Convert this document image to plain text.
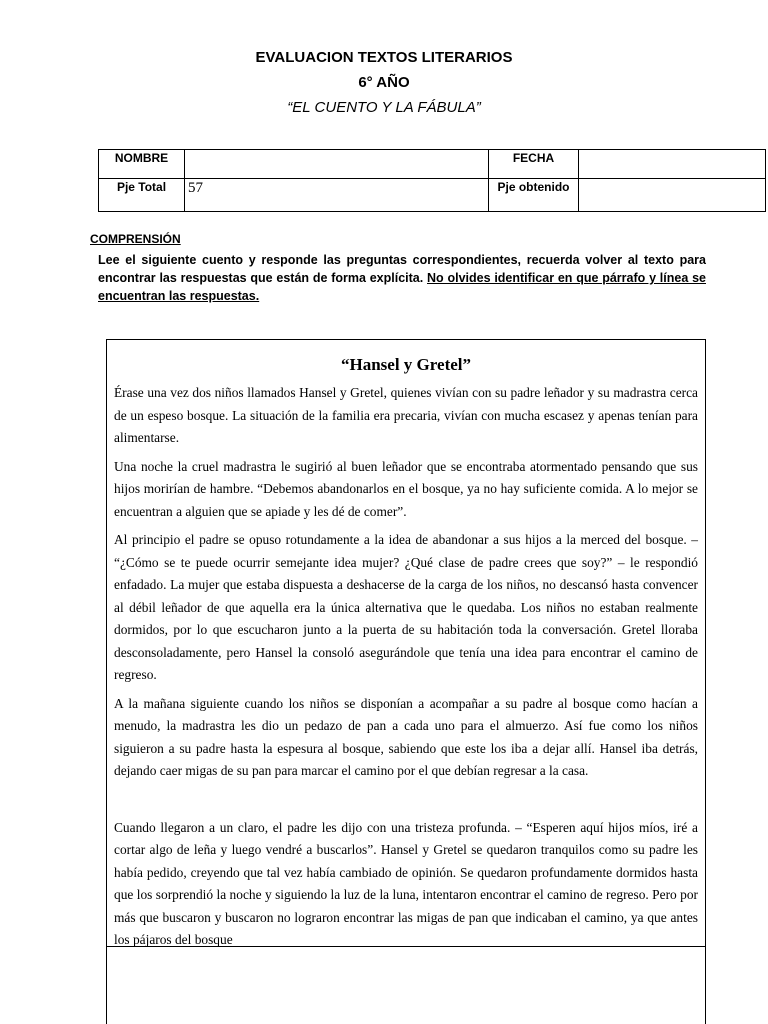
EVALUACION TEXTOS LITERARIOS
6° AÑO
“EL CUENTO Y LA FÁBULA”
NOMBRE		FECHA	
Pje Total	57	Pje obtenido	
COMPRENSIÓN
Lee el siguiente cuento y responde las preguntas correspondientes, recuerda volver al texto para encontrar las respuestas que están de forma explícita. No olvides identificar en que párrafo y línea se encuentran las respuestas.
“Hansel y Gretel”

Érase una vez dos niños llamados Hansel y Gretel, quienes vivían con su padre leñador y su madrastra cerca de un espeso bosque. La situación de la familia era precaria, vivían con mucha escasez y apenas tenían para alimentarse.

Una noche la cruel madrastra le sugirió al buen leñador que se encontraba atormentado pensando que sus hijos morirían de hambre. “Debemos abandonarlos en el bosque, ya no hay suficiente comida. A lo mejor se encuentran a alguien que se apiade y les dé de comer”.

Al principio el padre se opuso rotundamente a la idea de abandonar a sus hijos a la merced del bosque. – “¿Cómo se te puede ocurrir semejante idea mujer? ¿Qué clase de padre crees que soy?” – le respondió enfadado. La mujer que estaba dispuesta a deshacerse de la carga de los niños, no descansó hasta convencer al débil leñador de que aquella era la única alternativa que le quedaba. Los niños no estaban realmente dormidos, por lo que escucharon junto a la puerta de su habitación toda la conversación. Gretel lloraba desconsoladamente, pero Hansel la consoló asegurándole que tenía una idea para encontrar el camino de regreso.

A la mañana siguiente cuando los niños se disponían a acompañar a su padre al bosque como hacían a menudo, la madrastra les dio un pedazo de pan a cada uno para el almuerzo. Así fue como los niños siguieron a su padre hasta la espesura al bosque, sabiendo que este los iba a dejar allí. Hansel iba detrás, dejando caer migas de su pan para marcar el camino por el que debían regresar a la casa.

Cuando llegaron a un claro, el padre les dijo con una tristeza profunda. – “Esperen aquí hijos míos, iré a cortar algo de leña y luego vendré a buscarlos”. Hansel y Gretel se quedaron tranquilos como su padre les había pedido, creyendo que tal vez había cambiado de opinión. Se quedaron profundamente dormidos hasta que los sorprendió la noche y siguiendo la luz de la luna, intentaron encontrar el camino de regreso. Pero por más que buscaron y buscaron no lograron encontrar las migas de pan que indicaban el camino, ya que antes los pájaros del bosque
